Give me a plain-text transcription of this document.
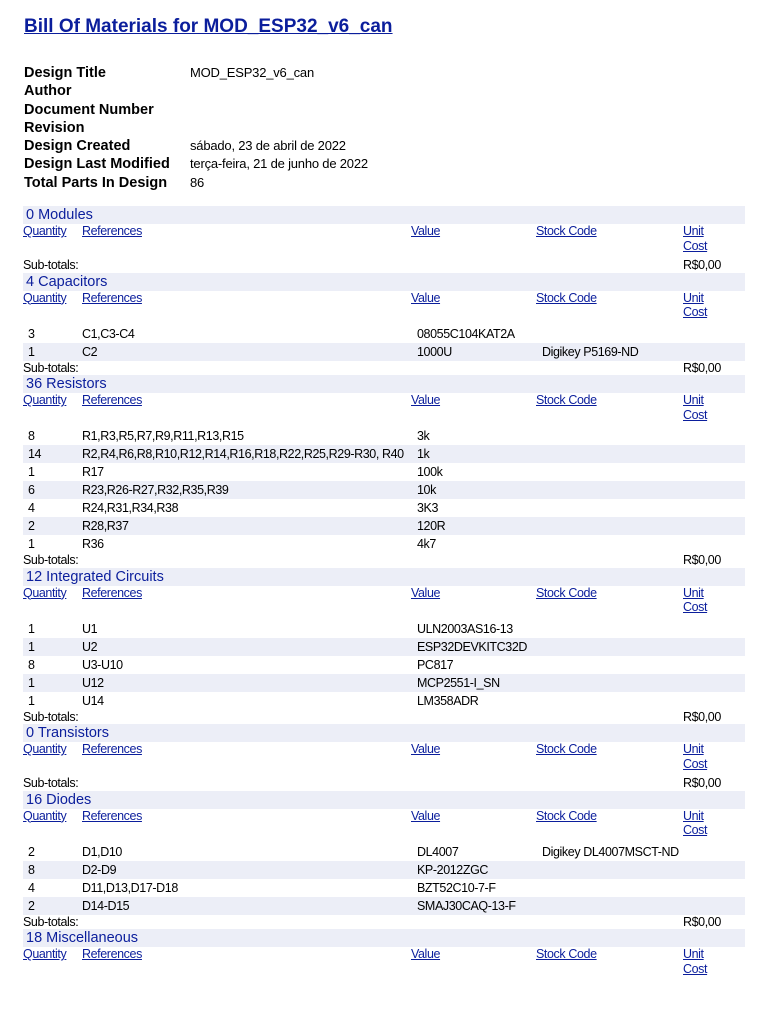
Bill Of Materials for MOD_ESP32_v6_can
Design Title	MOD_ESP32_v6_can
Author	
Document Number	
Revision	
Design Created	sábado, 23 de abril de 2022
Design Last Modified	terça-feira, 21 de junho de 2022
Total Parts In Design	86
0 Modules
Quantity	References	Value	Stock Code	Unit
Cost
Sub-totals:	R$0,00
4 Capacitors
Quantity	References	Value	Stock Code	Unit
Cost
3	C1,C3-C4	08055C104KAT2A
1	C2	1000U	Digikey P5169-ND
Sub-totals:	R$0,00
36 Resistors
Quantity	References	Value	Stock Code	Unit
Cost
8	R1,R3,R5,R7,R9,R11,R13,R15	3k
14	R2,R4,R6,R8,R10,R12,R14,R16,R18,R22,R25,R29-R30, R40	1k
1	R17	100k
6	R23,R26-R27,R32,R35,R39	10k
4	R24,R31,R34,R38	3K3
2	R28,R37	120R
1	R36	4k7
Sub-totals:	R$0,00
12 Integrated Circuits
Quantity	References	Value	Stock Code	Unit
Cost
1	U1	ULN2003AS16-13
1	U2	ESP32DEVKITC32D
8	U3-U10	PC817
1	U12	MCP2551-I_SN
1	U14	LM358ADR
Sub-totals:	R$0,00
0 Transistors
Quantity	References	Value	Stock Code	Unit
Cost
Sub-totals:	R$0,00
16 Diodes
Quantity	References	Value	Stock Code	Unit
Cost
2	D1,D10	DL4007	Digikey DL4007MSCT-ND
8	D2-D9	KP-2012ZGC
4	D11,D13,D17-D18	BZT52C10-7-F
2	D14-D15	SMAJ30CAQ-13-F
Sub-totals:	R$0,00
18 Miscellaneous
Quantity	References	Value	Stock Code	Unit
Cost
